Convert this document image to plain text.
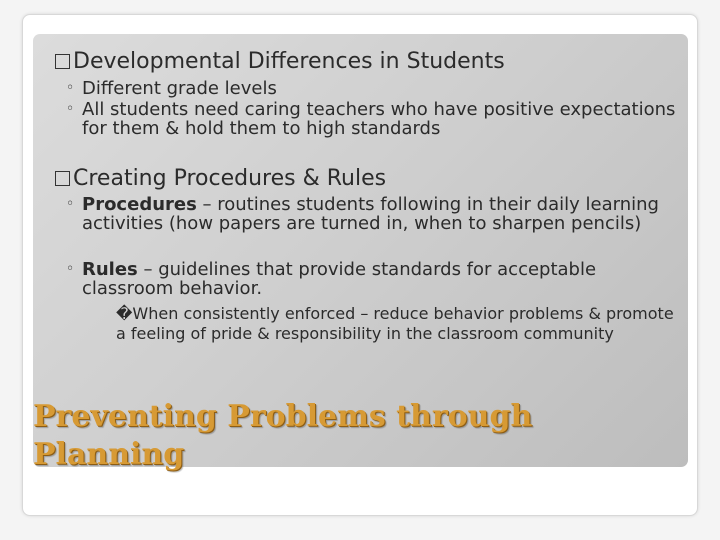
Developmental Differences in Students
◦ Different grade levels
◦ All students need caring teachers who have positive expectations for them & hold them to high standards
Creating Procedures & Rules
◦ Procedures – routines students following in their daily learning activities (how papers are turned in, when to sharpen pencils)
◦ Rules – guidelines that provide standards for acceptable classroom behavior.
�When consistently enforced – reduce behavior problems & promote a feeling of pride & responsibility in the classroom community
Preventing Problems through Planning
